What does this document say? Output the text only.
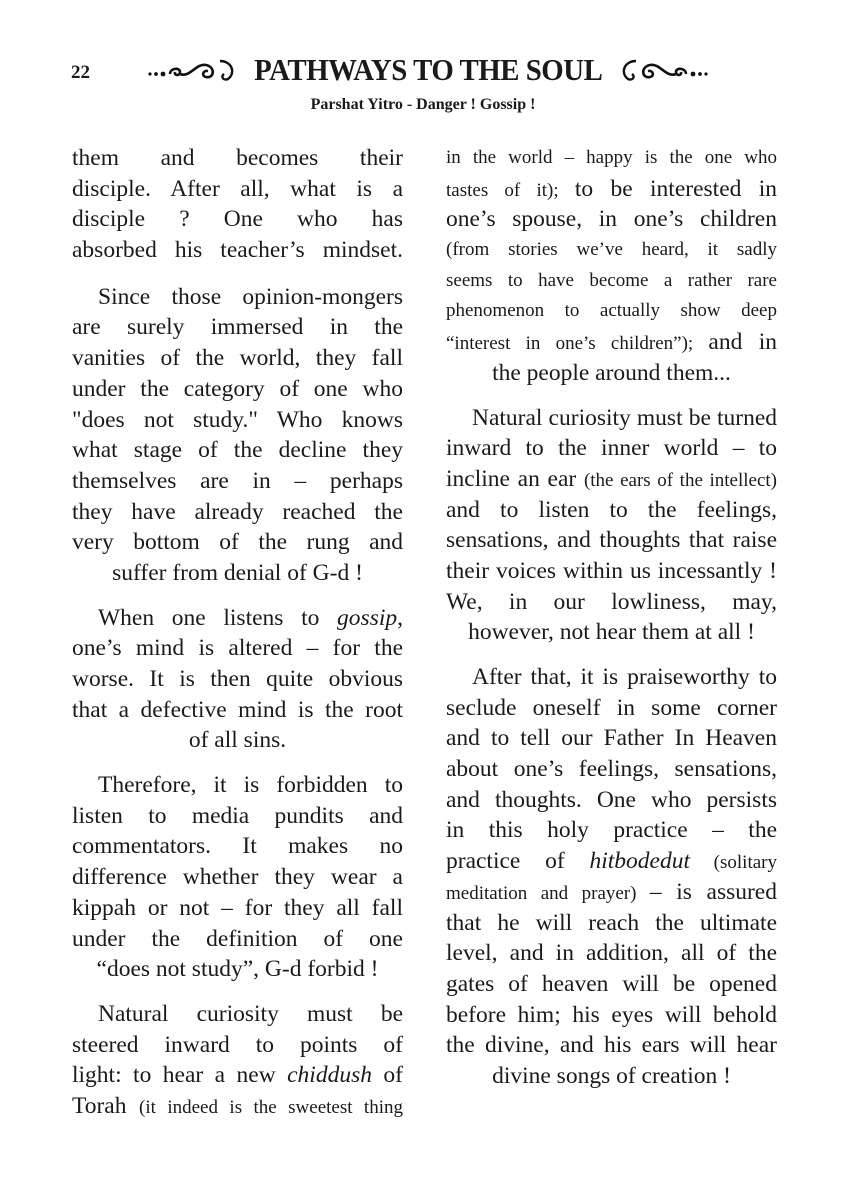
22	PATHWAYS TO THE SOUL
Parshat Yitro - Danger ! Gossip !
them and becomes their
disciple. After all, what is a
disciple ? One who has
absorbed his teacher’s mindset.
Since those opinion-mongers
are surely immersed in the
vanities of the world, they fall
under the category of one who
"does not study." Who knows
what stage of the decline they
themselves are in – perhaps
they have already reached the
very bottom of the rung and
suffer from denial of G-d !
When one listens to gossip,
one’s mind is altered – for the
worse. It is then quite obvious
that a defective mind is the root
of all sins.
Therefore, it is forbidden to
listen to media pundits and
commentators. It makes no
difference whether they wear a
kippah or not – for they all fall
under the definition of one
“does not study”, G-d forbid !
Natural curiosity must be
steered inward to points of
light: to hear a new chiddush of
Torah (it indeed is the sweetest thing
in the world – happy is the one who
tastes of it); to be interested in
one’s spouse, in one’s children
(from stories we’ve heard, it sadly
seems to have become a rather rare
phenomenon to actually show deep
“interest in one’s children”); and in
the people around them...
Natural curiosity must be turned
inward to the inner world – to
incline an ear (the ears of the intellect)
and to listen to the feelings,
sensations, and thoughts that raise
their voices within us incessantly !
We, in our lowliness, may,
however, not hear them at all !
After that, it is praiseworthy to
seclude oneself in some corner
and to tell our Father In Heaven
about one’s feelings, sensations,
and thoughts. One who persists
in this holy practice – the
practice of hitbodedut (solitary
meditation and prayer) – is assured
that he will reach the ultimate
level, and in addition, all of the
gates of heaven will be opened
before him; his eyes will behold
the divine, and his ears will hear
divine songs of creation !
